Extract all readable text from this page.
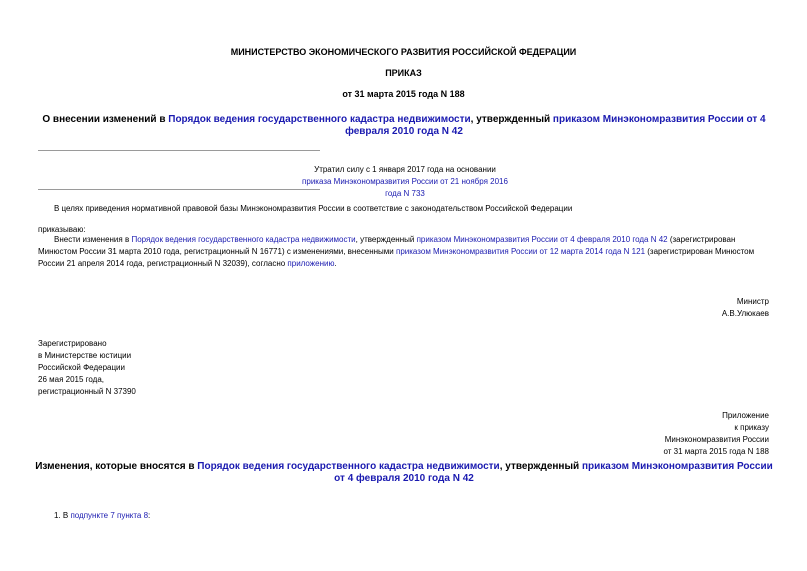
МИНИСТЕРСТВО ЭКОНОМИЧЕСКОГО РАЗВИТИЯ РОССИЙСКОЙ ФЕДЕРАЦИИ
ПРИКАЗ
от 31 марта 2015 года N 188
О внесении изменений в Порядок ведения государственного кадастра недвижимости, утвержденный приказом Минэкономразвития России от 4 февраля 2010 года N 42
Утратил силу с 1 января 2017 года на основании
приказа Минэкономразвития России от 21 ноября 2016 года N 733
В целях приведения нормативной правовой базы Минэкономразвития России в соответствие с законодательством Российской Федерации
приказываю:
Внести изменения в Порядок ведения государственного кадастра недвижимости, утвержденный приказом Минэкономразвития России от 4 февраля 2010 года N 42 (зарегистрирован Минюстом России 31 марта 2010 года, регистрационный N 16771) с изменениями, внесенными приказом Минэкономразвития России от 12 марта 2014 года N 121 (зарегистрирован Минюстом России 21 апреля 2014 года, регистрационный N 32039), согласно приложению.
Министр
А.В.Улюкаев
Зарегистрировано
в Министерстве юстиции
Российской Федерации
26 мая 2015 года,
регистрационный N 37390
Приложение
к приказу
Минэкономразвития России
от 31 марта 2015 года N 188
Изменения, которые вносятся в Порядок ведения государственного кадастра недвижимости, утвержденный приказом Минэкономразвития России от 4 февраля 2010 года N 42
1. В подпункте 7 пункта 8:
